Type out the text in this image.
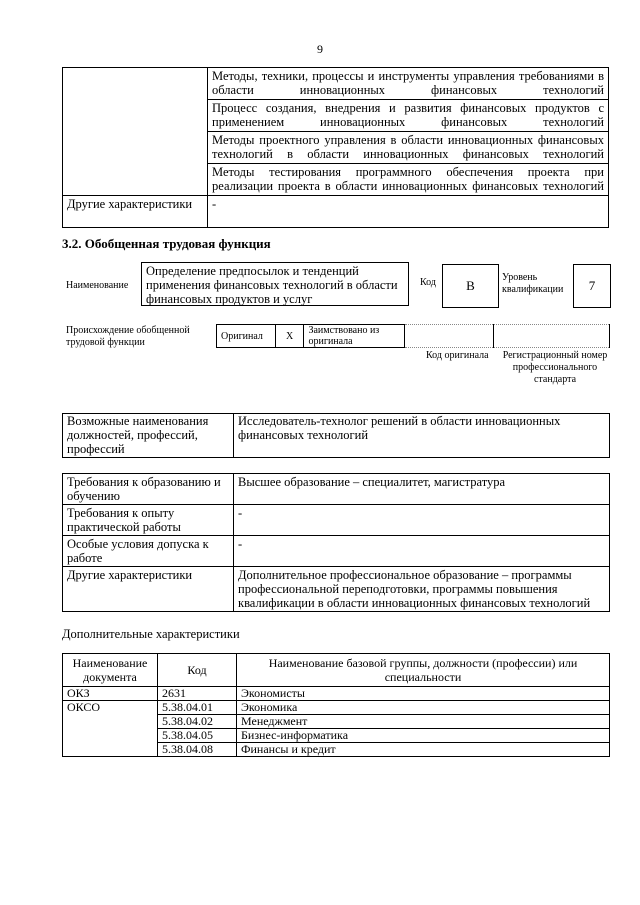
9
	Методы, техники, процессы и инструменты управления требованиями в области инновационных финансовых технологий
	Процесс создания, внедрения и развития финансовых продуктов с применением инновационных финансовых технологий
	Методы проектного управления в области инновационных финансовых технологий в области инновационных финансовых технологий
	Методы тестирования программного обеспечения проекта при реализации проекта в области инновационных финансовых технологий
Другие характеристики	-
3.2. Обобщенная трудовая функция
Наименование
Определение предпосылок и тенденций применения финансовых технологий в области финансовых продуктов и услуг
Код	B
Уровень квалификации	7
Происхождение обобщенной трудовой функции
Оригинал	X	Заимствовано из оригинала		
Код оригинала Регистрационный номер профессионального стандарта
Возможные наименования должностей, профессий, профессий	Исследователь-технолог решений в области инновационных финансовых технологий
Требования к образованию и обучению	Высшее образование – специалитет, магистратура
Требования к опыту практической работы	-
Особые условия допуска к работе	-
Другие характеристики	Дополнительное профессиональное образование – программы профессиональной переподготовки, программы повышения квалификации в области инновационных финансовых технологий
Дополнительные характеристики
Наименование документа	Код	Наименование базовой группы, должности (профессии) или специальности
ОКЗ	2631	Экономисты
ОКСО	5.38.04.01	Экономика
	5.38.04.02	Менеджмент
	5.38.04.05	Бизнес-информатика
	5.38.04.08	Финансы и кредит
